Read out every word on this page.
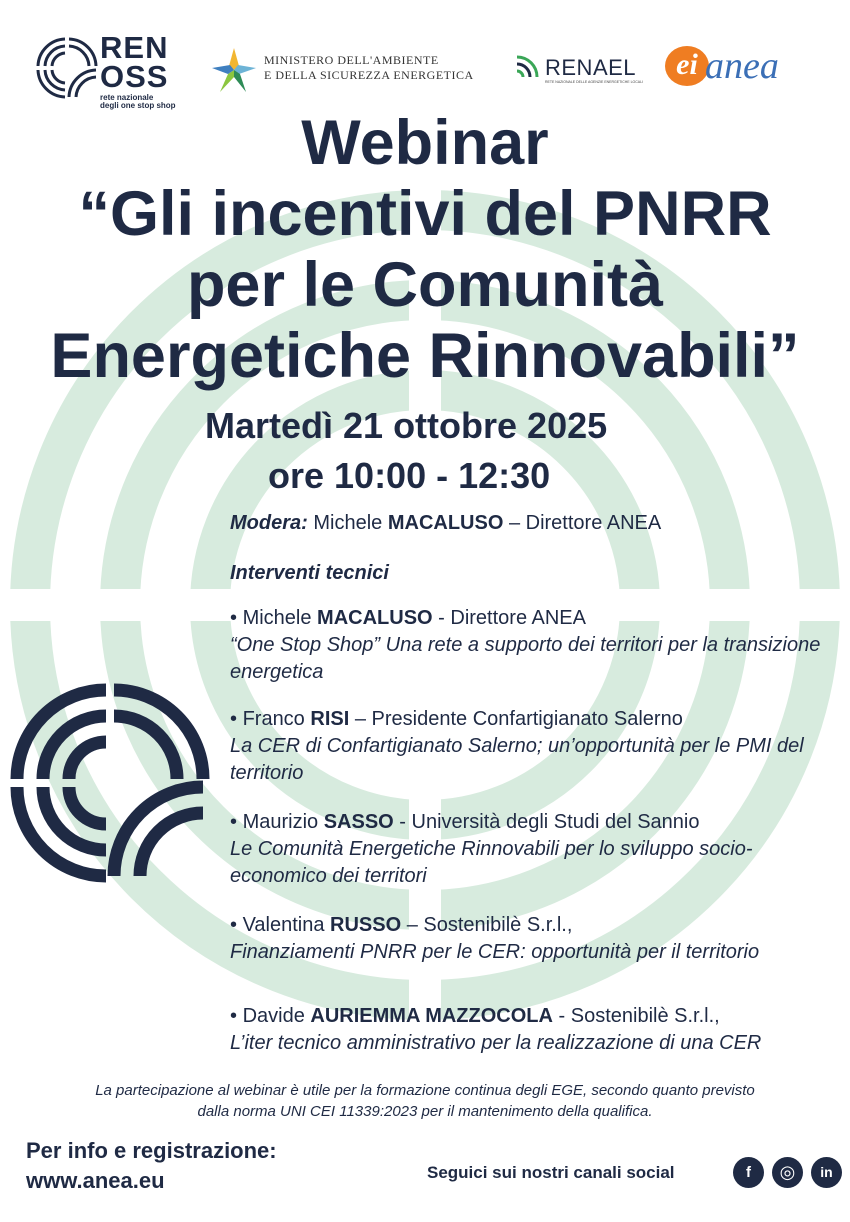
REN
OSS
rete nazionale
degli one stop shop
MINISTERO DELL'AMBIENTE
E DELLA SICUREZZA ENERGETICA	RENAEL
RETE NAZIONALE DELLE AGENZIE ENERGETICHE LOCALI
ei anea
Webinar
“Gli incentivi del PNRR
per le Comunità
Energetiche Rinnovabili”
Martedì 21 ottobre 2025
ore 10:00 - 12:30

Modera: Michele MACALUSO – Direttore ANEA

Interventi tecnici

• Michele MACALUSO - Direttore ANEA

“One Stop Shop” Una rete a supporto dei territori per la transizione energetica

• Franco RISI – Presidente Confartigianato Salerno

La CER di Confartigianato Salerno; un’opportunità per le PMI del territorio

• Maurizio SASSO - Università degli Studi del Sannio

Le Comunità Energetiche Rinnovabili per lo sviluppo socio-economico dei territori

• Valentina RUSSO – Sostenibilè S.r.l.,

Finanziamenti PNRR per le CER: opportunità per il territorio

• Davide AURIEMMA MAZZOCOLA - Sostenibilè S.r.l.,

L’iter tecnico amministrativo per la realizzazione di una CER

La partecipazione al webinar è utile per la formazione continua degli EGE, secondo quanto previsto
dalla norma UNI CEI 11339:2023 per il mantenimento della qualifica.
Per info e registrazione:
www.anea.eu	Seguici sui nostri canali social	f	◎	in
